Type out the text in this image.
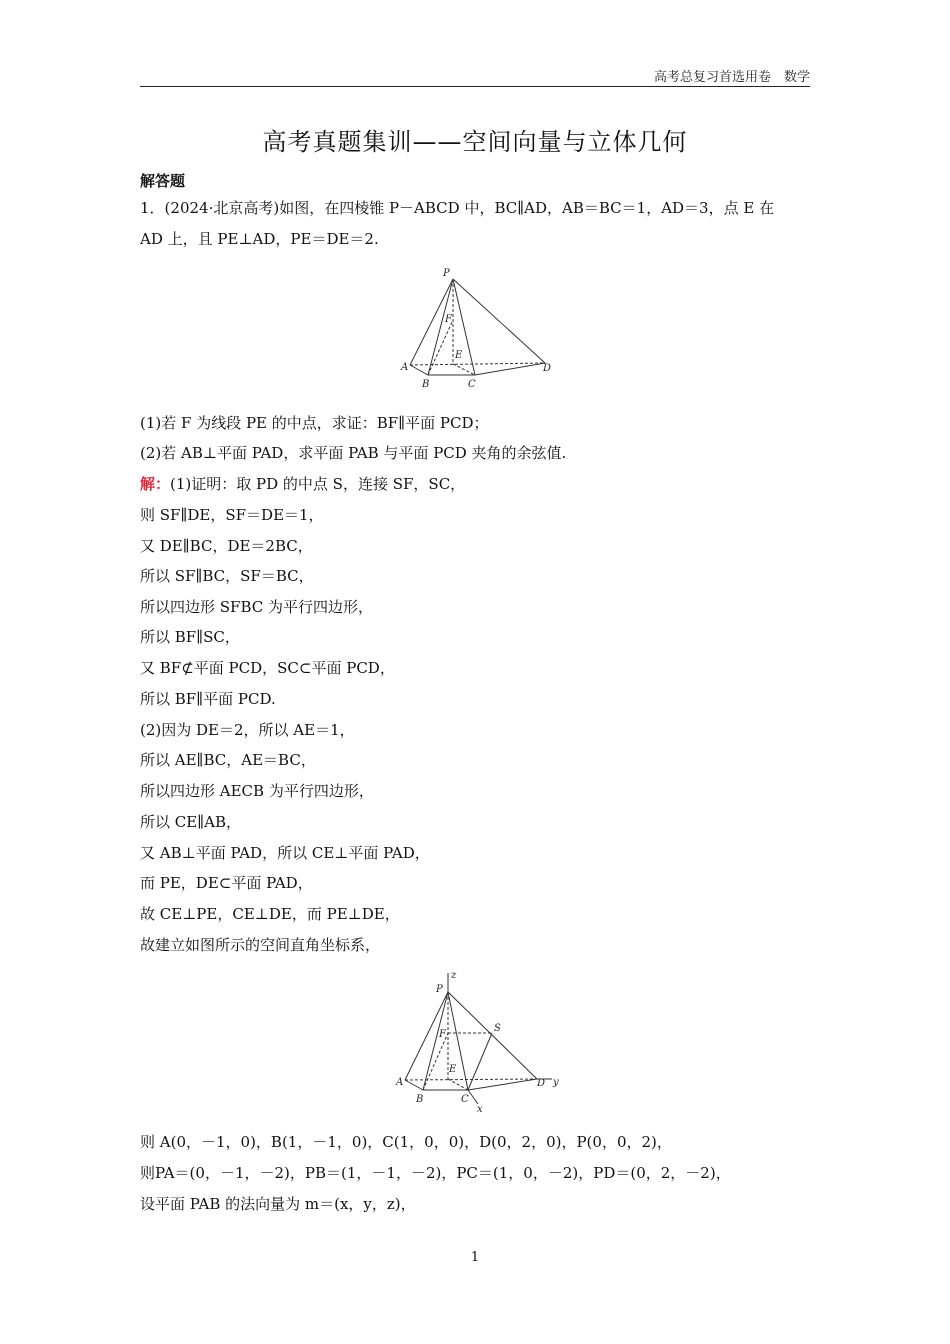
高考总复习首选用卷　数学
高考真题集训——空间向量与立体几何
解答题
1．(2024·北京高考)如图，在四棱锥 P－ABCD 中，BC∥AD，AB＝BC＝1，AD＝3，点 E 在
AD 上，且 PE⊥AD，PE＝DE＝2.
P
F
E
A
B	C
D
(1)若 F 为线段 PE 的中点，求证：BF∥平面 PCD；
(2)若 AB⊥平面 PAD，求平面 PAB 与平面 PCD 夹角的余弦值.
解：(1)证明：取 PD 的中点 S，连接 SF，SC，
则 SF∥DE，SF＝DE＝1，
又 DE∥BC，DE＝2BC，
所以 SF∥BC，SF＝BC，
所以四边形 SFBC 为平行四边形，
所以 BF∥SC，
又 BF⊄平面 PCD，SC⊂平面 PCD，
所以 BF∥平面 PCD.
(2)因为 DE＝2，所以 AE＝1，
所以 AE∥BC，AE＝BC，
所以四边形 AECB 为平行四边形，
所以 CE∥AB，
又 AB⊥平面 PAD，所以 CE⊥平面 PAD，
而 PE，DE⊂平面 PAD，
故 CE⊥PE，CE⊥DE，而 PE⊥DE，
故建立如图所示的空间直角坐标系，
z
P
S
F
E
A
B	C
D y
x
则 A(0，－1，0)，B(1，－1，0)，C(1，0，0)，D(0，2，0)，P(0，0，2)，
则PA＝(0，－1，－2)，PB＝(1，－1，－2)，PC＝(1，0，－2)，PD＝(0，2，－2)，
设平面 PAB 的法向量为 m＝(x，y，z)，
1
